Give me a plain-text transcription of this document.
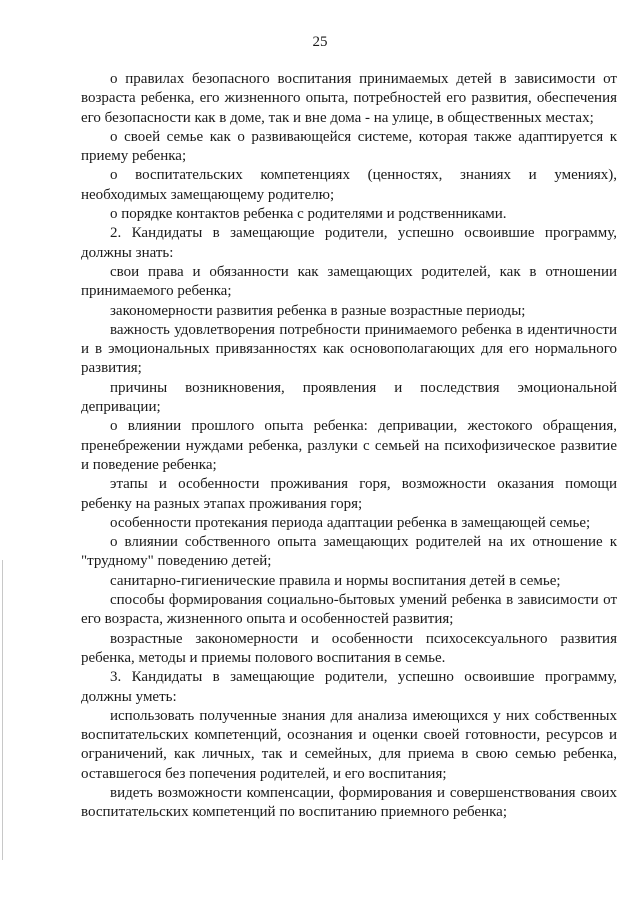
25

о правилах безопасного воспитания принимаемых детей в зависимости от возраста ребенка, его жизненного опыта, потребностей его развития, обеспечения его безопасности как в доме, так и вне дома - на улице, в общественных местах;

о своей семье как о развивающейся системе, которая также адаптируется к приему ребенка;

о воспитательских компетенциях (ценностях, знаниях и умениях), необходимых замещающему родителю;

о порядке контактов ребенка с родителями и родственниками.

2. Кандидаты в замещающие родители, успешно освоившие программу, должны знать:

свои права и обязанности как замещающих родителей, как в отношении принимаемого ребенка;

закономерности развития ребенка в разные возрастные периоды;

важность удовлетворения потребности принимаемого ребенка в идентичности и в эмоциональных привязанностях как основополагающих для его нормального развития;

причины возникновения, проявления и последствия эмоциональной депривации;

о влиянии прошлого опыта ребенка: депривации, жестокого обращения, пренебрежении нуждами ребенка, разлуки с семьей на психофизическое развитие и поведение ребенка;

этапы и особенности проживания горя, возможности оказания помощи ребенку на разных этапах проживания горя;

особенности протекания периода адаптации ребенка в замещающей семье;

о влиянии собственного опыта замещающих родителей на их отношение к "трудному" поведению детей;

санитарно-гигиенические правила и нормы воспитания детей в семье;

способы формирования социально-бытовых умений ребенка в зависимости от его возраста, жизненного опыта и особенностей развития;

возрастные закономерности и особенности психосексуального развития ребенка, методы и приемы полового воспитания в семье.

3. Кандидаты в замещающие родители, успешно освоившие программу, должны уметь:

использовать полученные знания для анализа имеющихся у них собственных воспитательских компетенций, осознания и оценки своей готовности, ресурсов и ограничений, как личных, так и семейных, для приема в свою семью ребенка, оставшегося без попечения родителей, и его воспитания;

видеть возможности компенсации, формирования и совершенствования своих воспитательских компетенций по воспитанию приемного ребенка;
